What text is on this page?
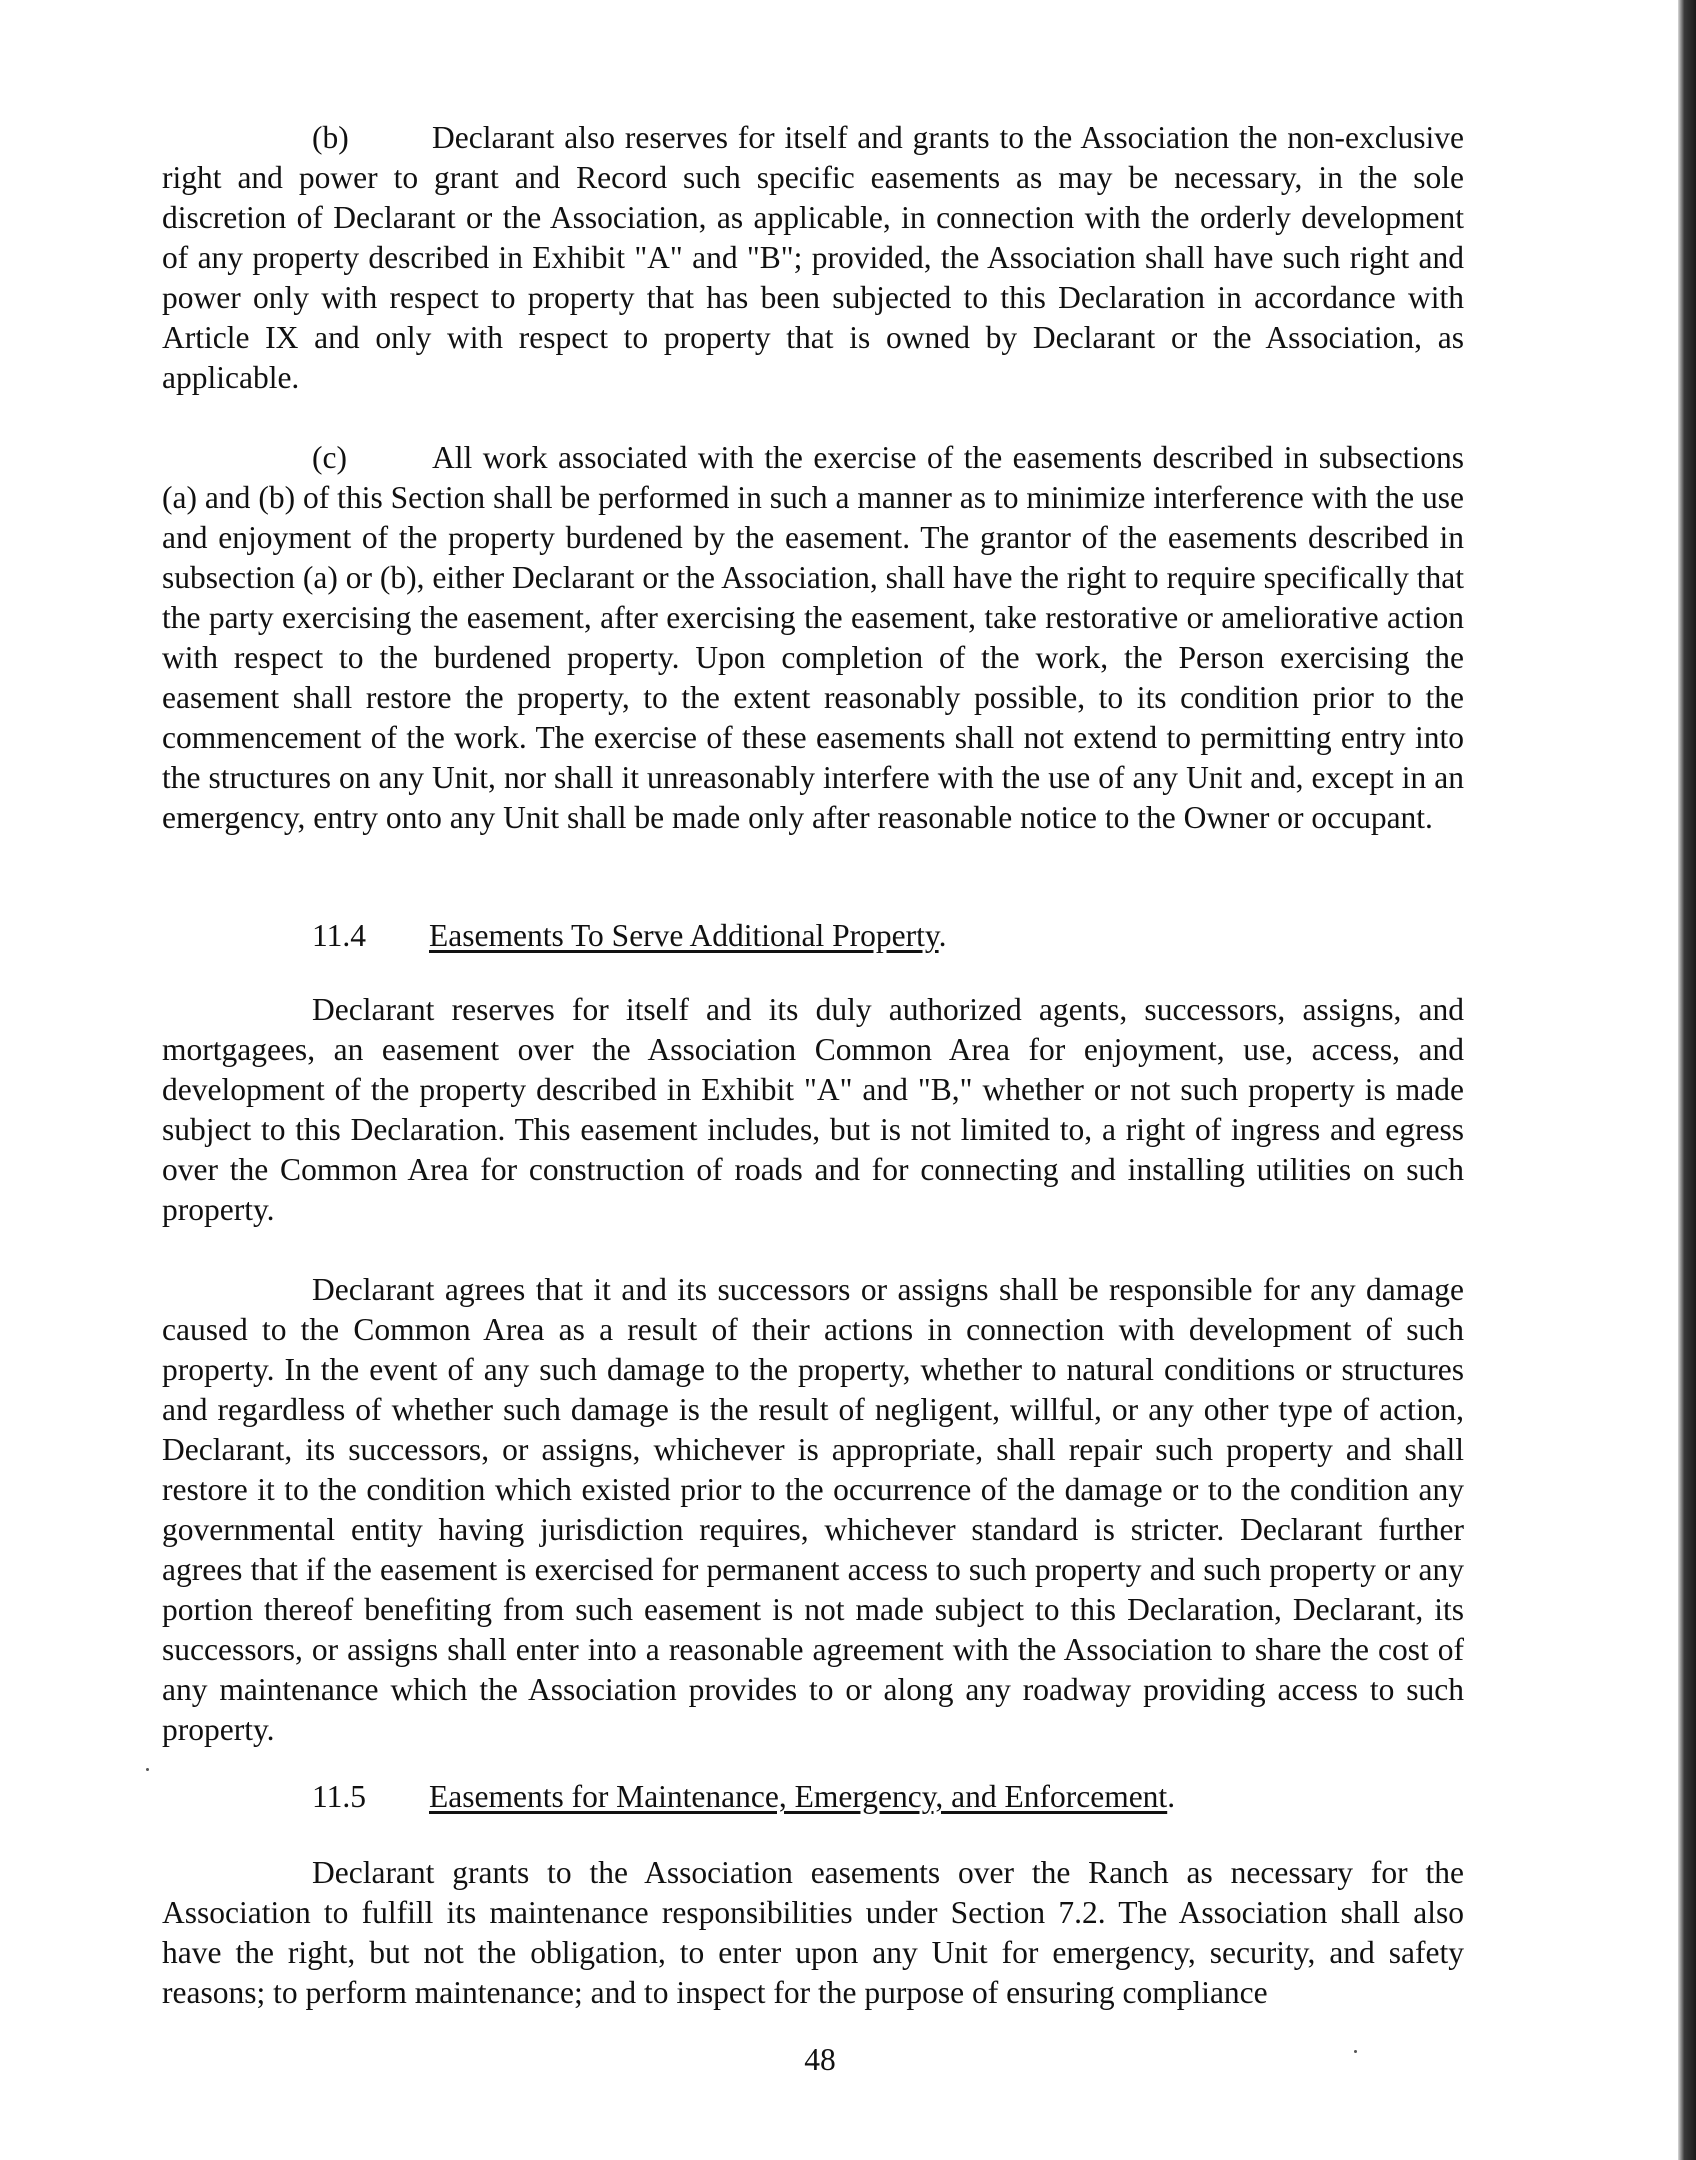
(b)	Declarant also reserves for itself and grants to the Association the non-exclusive right and power to grant and Record such specific easements as may be necessary, in the sole discretion of Declarant or the Association, as applicable, in connection with the orderly development of any property described in Exhibit "A" and "B"; provided, the Association shall have such right and power only with respect to property that has been subjected to this Declaration in accordance with Article IX and only with respect to property that is owned by Declarant or the Association, as applicable.

(c)	All work associated with the exercise of the easements described in subsections (a) and (b) of this Section shall be performed in such a manner as to minimize interference with the use and enjoyment of the property burdened by the easement. The grantor of the easements described in subsection (a) or (b), either Declarant or the Association, shall have the right to require specifically that the party exercising the easement, after exercising the easement, take restorative or ameliorative action with respect to the burdened property. Upon completion of the work, the Person exercising the easement shall restore the property, to the extent reasonably possible, to its condition prior to the commencement of the work. The exercise of these easements shall not extend to permitting entry into the structures on any Unit, nor shall it unreasonably interfere with the use of any Unit and, except in an emergency, entry onto any Unit shall be made only after reasonable notice to the Owner or occupant.

11.4 Easements To Serve Additional Property.

Declarant reserves for itself and its duly authorized agents, successors, assigns, and mortgagees, an easement over the Association Common Area for enjoyment, use, access, and development of the property described in Exhibit "A" and "B," whether or not such property is made subject to this Declaration. This easement includes, but is not limited to, a right of ingress and egress over the Common Area for construction of roads and for connecting and installing utilities on such property.

Declarant agrees that it and its successors or assigns shall be responsible for any damage caused to the Common Area as a result of their actions in connection with development of such property. In the event of any such damage to the property, whether to natural conditions or structures and regardless of whether such damage is the result of negligent, willful, or any other type of action, Declarant, its successors, or assigns, whichever is appropriate, shall repair such property and shall restore it to the condition which existed prior to the occurrence of the damage or to the condition any governmental entity having jurisdiction requires, whichever standard is stricter. Declarant further agrees that if the easement is exercised for permanent access to such property and such property or any portion thereof benefiting from such easement is not made subject to this Declaration, Declarant, its successors, or assigns shall enter into a reasonable agreement with the Association to share the cost of any maintenance which the Association provides to or along any roadway providing access to such property.

11.5 Easements for Maintenance, Emergency, and Enforcement.

Declarant grants to the Association easements over the Ranch as necessary for the Association to fulfill its maintenance responsibilities under Section 7.2. The Association shall also have the right, but not the obligation, to enter upon any Unit for emergency, security, and safety reasons; to perform maintenance; and to inspect for the purpose of ensuring compliance

48
